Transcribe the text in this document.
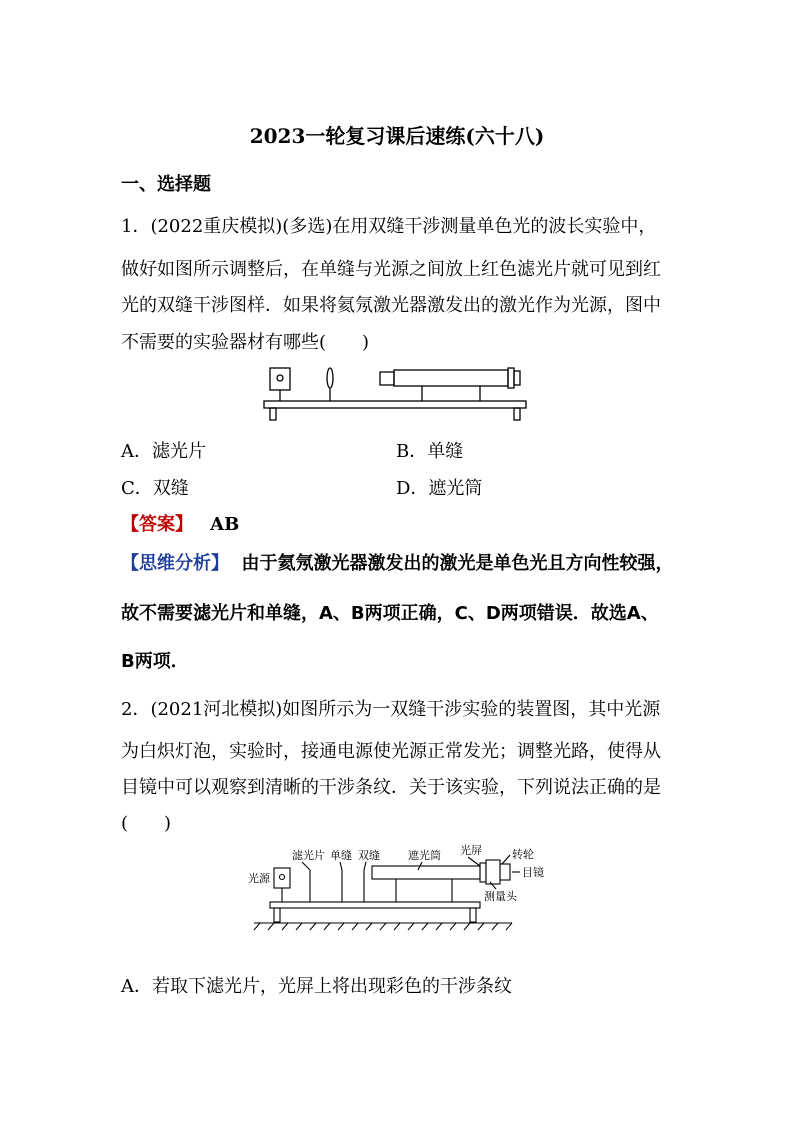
2023一轮复习课后速练(六十八)
一、选择题
1．(2022重庆模拟)(多选)在用双缝干涉测量单色光的波长实验中，
做好如图所示调整后，在单缝与光源之间放上红色滤光片就可见到红
光的双缝干涉图样．如果将氦氖激光器激发出的激光作为光源，图中
不需要的实验器材有哪些(　　)
A．滤光片	B．单缝
C．双缝	D．遮光筒
【答案】 AB
【思维分析】 由于氦氖激光器激发出的激光是单色光且方向性较强，
故不需要滤光片和单缝，A、B两项正确，C、D两项错误．故选A、
B两项．
2．(2021河北模拟)如图所示为一双缝干涉实验的装置图，其中光源
为白炽灯泡，实验时，接通电源使光源正常发光；调整光路，使得从
目镜中可以观察到清晰的干涉条纹．关于该实验，下列说法正确的是
(　　)
光源
滤光片 单缝 双缝	遮光筒 光屏	转轮
目镜
测量头
A．若取下滤光片，光屏上将出现彩色的干涉条纹
